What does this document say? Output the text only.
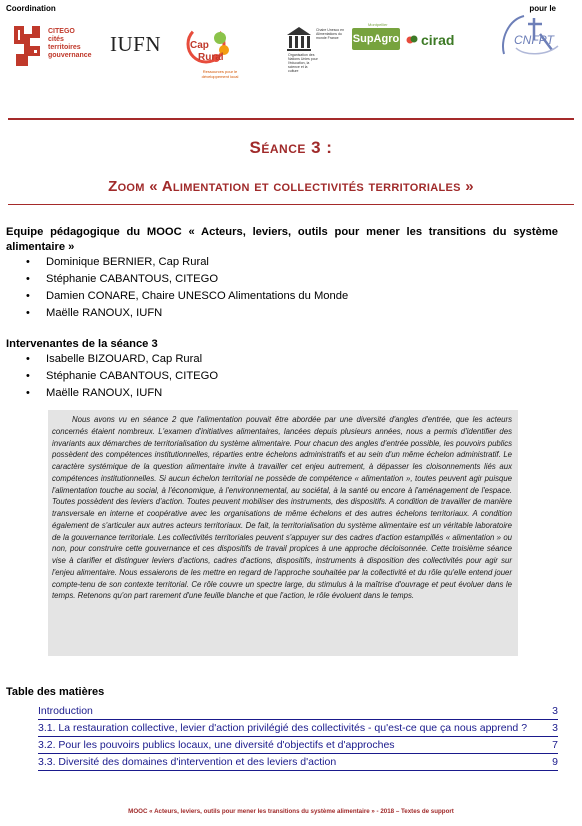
Coordination	pour le
CITEGO
cités
territoires
gouvernance IUFN	Cap
Rural
Ressources pour le développement local
Organisation des Nations Unies pour l'éducation, la science et la culture
Chaire Unesco en Alimentations du monde France
Montpellier
SupAgro cirad	CNFPT
Séance 3 :
Zoom « Alimentation et collectivités territoriales »
Equipe pédagogique du MOOC « Acteurs, leviers, outils pour mener les transitions du système alimentaire »
• Dominique BERNIER, Cap Rural
• Stéphanie CABANTOUS, CITEGO
• Damien CONARE, Chaire UNESCO Alimentations du Monde
• Maëlle RANOUX, IUFN
Intervenantes de la séance 3
• Isabelle BIZOUARD, Cap Rural
• Stéphanie CABANTOUS, CITEGO
• Maëlle RANOUX, IUFN
Nous avons vu en séance 2 que l'alimentation pouvait être abordée par une diversité d'angles d'entrée, que les acteurs concernés étaient nombreux. L'examen d'initiatives alimentaires, lancées depuis plusieurs années, nous a permis d'identifier des invariants aux démarches de territorialisation du système alimentaire. Pour chacun des angles d'entrée possible, les pouvoirs publics possèdent des compétences institutionnelles, réparties entre échelons administratifs et au sein d'un même échelon administratif. Le caractère systémique de la question alimentaire invite à travailler cet enjeu autrement, à dépasser les cloisonnements liés aux compétences institutionnelles. Si aucun échelon territorial ne possède de compétence « alimentation », toutes peuvent agir puisque l'alimentation touche au social, à l'économique, à l'environnemental, au sociétal, à la santé ou encore à l'aménagement de l'espace. Toutes possèdent des leviers d'action. Toutes peuvent mobiliser des instruments, des dispositifs. A condition de travailler de manière transversale en interne et coopérative avec les organisations de même échelons et des autres échelons territoriaux. A condition également de s'articuler aux autres acteurs territoriaux. De fait, la territorialisation du système alimentaire est un véritable laboratoire de la gouvernance territoriale. Les collectivités territoriales peuvent s'appuyer sur des cadres d'action estampillés « alimentation » ou non, pour construire cette gouvernance et ces dispositifs de travail propices à une approche décloisonnée. Cette troisième séance vise à clarifier et distinguer leviers d'actions, cadres d'actions, dispositifs, instruments à disposition des collectivités pour agir sur l'enjeu alimentaire. Nous essaierons de les mettre en regard de l'approche souhaitée par la collectivité et du rôle qu'elle entend jouer compte-tenu de son contexte territorial. Ce rôle couvre un spectre large, du stimulus à la maîtrise d'ouvrage et peut évoluer dans le temps. Retenons qu'on part rarement d'une feuille blanche et que l'action, le rôle évoluent dans le temps.
Table des matières
Introduction	3
3.1. La restauration collective, levier d'action privilégié des collectivités - qu'est-ce que ça nous apprend ?	3
3.2. Pour les pouvoirs publics locaux, une diversité d'objectifs et d'approches	7
3.3. Diversité des domaines d'intervention et des leviers d'action	9
MOOC « Acteurs, leviers, outils pour mener les transitions du système alimentaire » - 2018 – Textes de support
